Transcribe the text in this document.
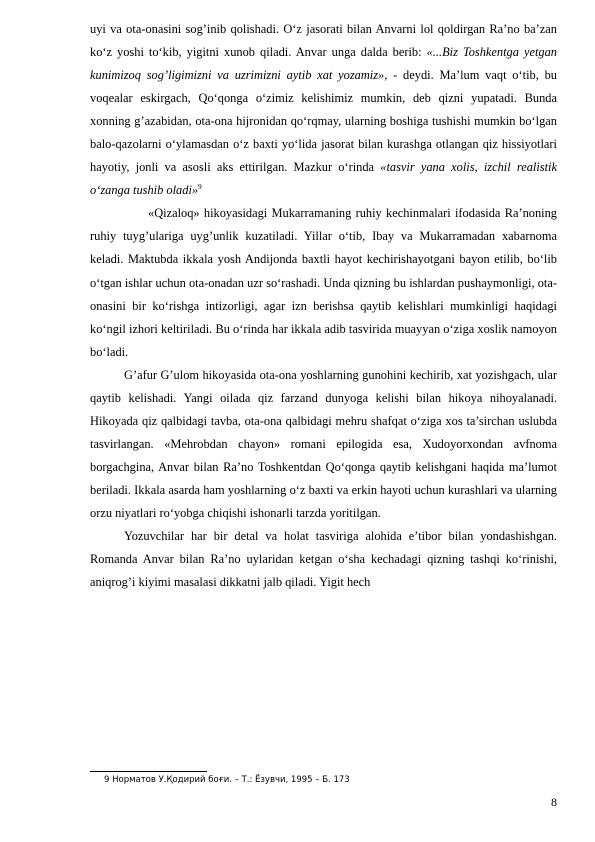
uyi va ota-onasini sog’inib qolishadi. O‘z jasorati bilan Anvarni lol qoldirgan Ra’no ba’zan ko‘z yoshi to‘kib, yigitni xunob qiladi. Anvar unga dalda berib: «...Biz Toshkentga yetgan kunimizoq sog’ligimizni va uzrimizni aytib xat yozamiz», - deydi. Ma’lum vaqt o‘tib, bu voqealar eskirgach, Qo‘qonga o‘zimiz kelishimiz mumkin, deb qizni yupatadi. Bunda xonning g’azabidan, ota-ona hijronidan qo‘rqmay, ularning boshiga tushishi mumkin bo‘lgan balo-qazolarni o‘ylamasdan o‘z baxti yo‘lida jasorat bilan kurashga otlangan qiz hissiyotlari hayotiy, jonli va asosli aks ettirilgan. Mazkur o‘rinda «tasvir yana xolis, izchil realistik o‘zanga tushib oladi»$^9$

«Qizaloq» hikoyasidagi Mukarramaning ruhiy kechinmalari ifodasida Ra’noning ruhiy tuyg’ulariga uyg’unlik kuzatiladi. Yillar o‘tib, Ibay va Mukarramadan xabarnoma keladi. Maktubda ikkala yosh Andijonda baxtli hayot kechirishayotgani bayon etilib, bo‘lib o‘tgan ishlar uchun ota-onadan uzr so‘rashadi. Unda qizning bu ishlardan pushaymonligi, ota-onasini bir ko‘rishga intizorligi, agar izn berishsa qaytib kelishlari mumkinligi haqidagi ko‘ngil izhori keltiriladi. Bu o‘rinda har ikkala adib tasvirida muayyan o‘ziga xoslik namoyon bo‘ladi.

G’afur G’ulom hikoyasida ota-ona yoshlarning gunohini kechirib, xat yozishgach, ular qaytib kelishadi. Yangi oilada qiz farzand dunyoga kelishi bilan hikoya nihoyalanadi. Hikoyada qiz qalbidagi tavba, ota-ona qalbidagi mehru shafqat o‘ziga xos ta’sirchan uslubda tasvirlangan. «Mehrobdan chayon» romani epilogida esa, Xudoyorxondan avfnoma borgachgina, Anvar bilan Ra’no Toshkentdan Qo‘qonga qaytib kelishgani haqida ma’lumot beriladi. Ikkala asarda ham yoshlarning o‘z baxti va erkin hayoti uchun kurashlari va ularning orzu niyatlari ro‘yobga chiqishi ishonarli tarzda yoritilgan.

Yozuvchilar har bir detal va holat tasviriga alohida e’tibor bilan yondashishgan. Romanda Anvar bilan Ra’no uylaridan ketgan o‘sha kechadagi qizning tashqi ko‘rinishi, aniqrog’i kiyimi masalasi dikkatni jalb qiladi. Yigit hech

9 Норматов У.Қодирий боғи. – Т.: Ёзувчи, 1995 – Б. 173
8
